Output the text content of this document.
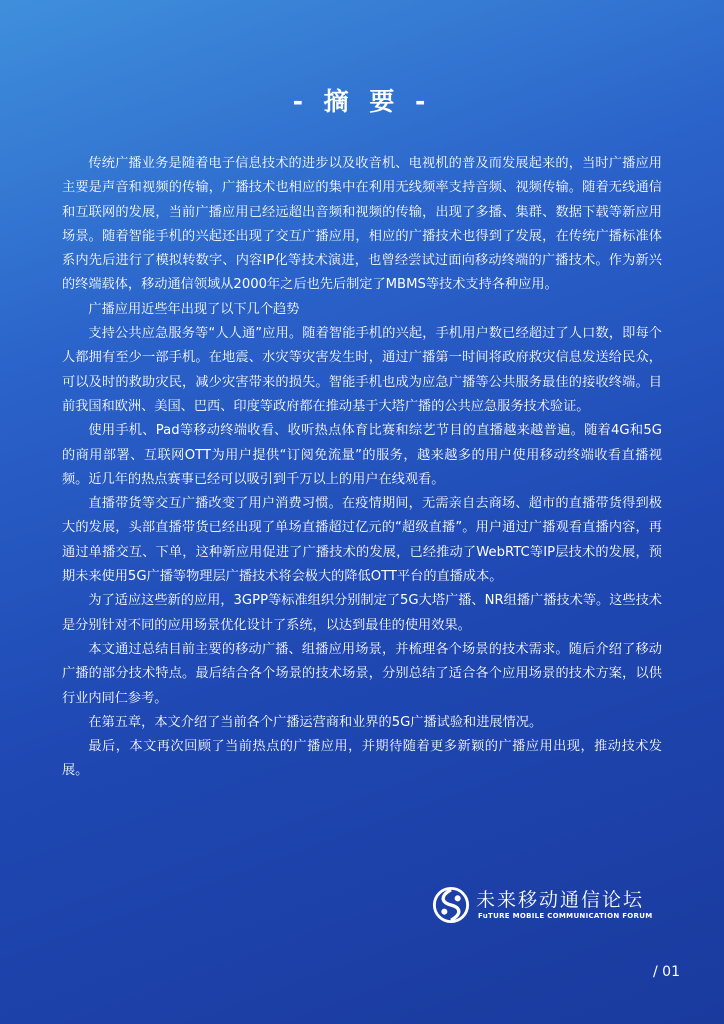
- 摘 要 -

传统广播业务是随着电子信息技术的进步以及收音机、电视机的普及而发展起来的，当时广播应用主要是声音和视频的传输，广播技术也相应的集中在利用无线频率支持音频、视频传输。随着无线通信和互联网的发展，当前广播应用已经远超出音频和视频的传输，出现了多播、集群、数据下载等新应用场景。随着智能手机的兴起还出现了交互广播应用，相应的广播技术也得到了发展，在传统广播标准体系内先后进行了模拟转数字、内容IP化等技术演进，也曾经尝试过面向移动终端的广播技术。作为新兴的终端载体，移动通信领域从2000年之后也先后制定了MBMS等技术支持各种应用。

广播应用近些年出现了以下几个趋势

支持公共应急服务等“人人通”应用。随着智能手机的兴起，手机用户数已经超过了人口数，即每个人都拥有至少一部手机。在地震、水灾等灾害发生时，通过广播第一时间将政府救灾信息发送给民众，可以及时的救助灾民，减少灾害带来的损失。智能手机也成为应急广播等公共服务最佳的接收终端。目前我国和欧洲、美国、巴西、印度等政府都在推动基于大塔广播的公共应急服务技术验证。

使用手机、Pad等移动终端收看、收听热点体育比赛和综艺节目的直播越来越普遍。随着4G和5G的商用部署、互联网OTT为用户提供“订阅免流量”的服务，越来越多的用户使用移动终端收看直播视频。近几年的热点赛事已经可以吸引到千万以上的用户在线观看。

直播带货等交互广播改变了用户消费习惯。在疫情期间，无需亲自去商场、超市的直播带货得到极大的发展，头部直播带货已经出现了单场直播超过亿元的“超级直播”。用户通过广播观看直播内容，再通过单播交互、下单，这种新应用促进了广播技术的发展，已经推动了WebRTC等IP层技术的发展，预期未来使用5G广播等物理层广播技术将会极大的降低OTT平台的直播成本。

为了适应这些新的应用，3GPP等标准组织分别制定了5G大塔广播、NR组播广播技术等。这些技术是分别针对不同的应用场景优化设计了系统，以达到最佳的使用效果。

本文通过总结目前主要的移动广播、组播应用场景，并梳理各个场景的技术需求。随后介绍了移动广播的部分技术特点。最后结合各个场景的技术场景，分别总结了适合各个应用场景的技术方案，以供行业内同仁参考。

在第五章，本文介绍了当前各个广播运营商和业界的5G广播试验和进展情况。

最后，本文再次回顾了当前热点的广播应用，并期待随着更多新颖的广播应用出现，推动技术发展。

未来移动通信论坛
FuTURE MOBILE COMMUNICATION FORUM
/ 01
